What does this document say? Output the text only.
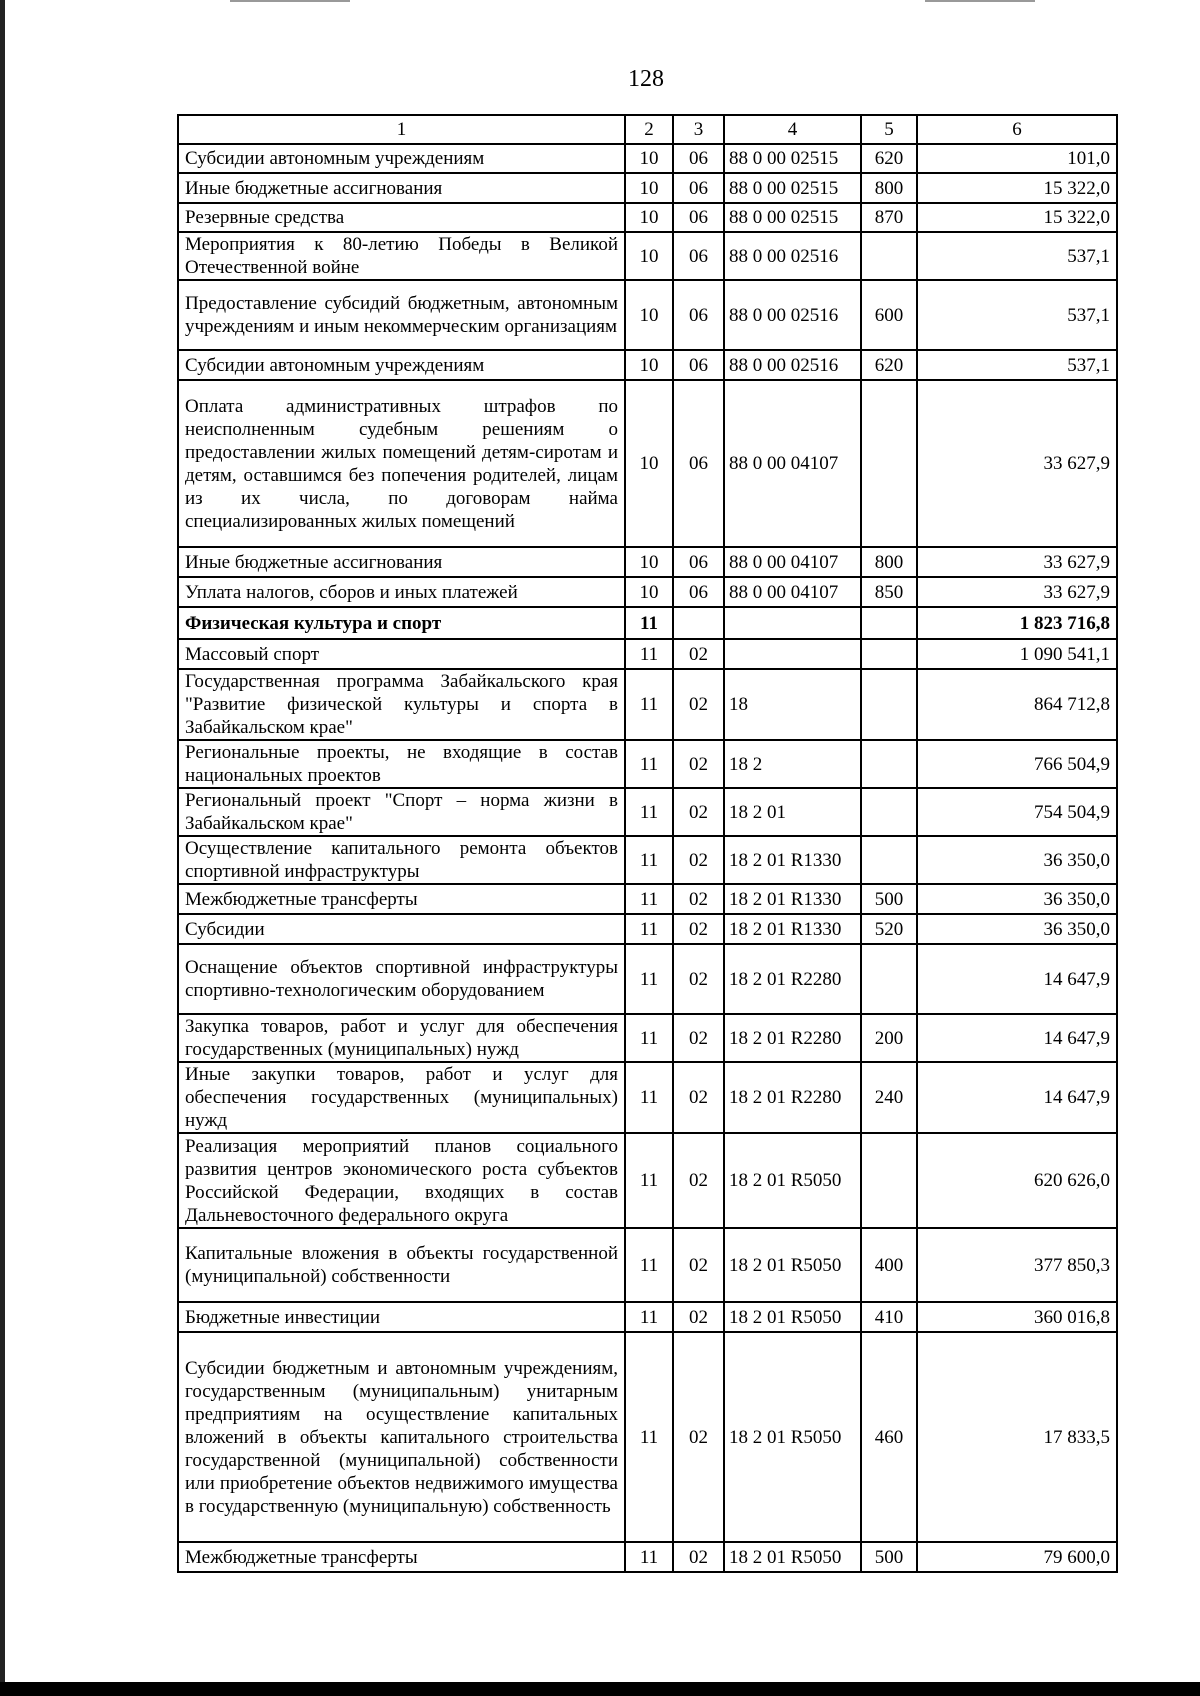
128
1	2	3	4	5	6
Субсидии автономным учреждениям	10	06	88 0 00 02515	620	101,0
Иные бюджетные ассигнования	10	06	88 0 00 02515	800	15 322,0
Резервные средства	10	06	88 0 00 02515	870	15 322,0
Мероприятия к 80-летию Победы в Великой Отечественной войне	10	06	88 0 00 02516		537,1
Предоставление субсидий бюджетным, автономным учреждениям и иным некоммерческим организациям	10	06	88 0 00 02516	600	537,1
Субсидии автономным учреждениям	10	06	88 0 00 02516	620	537,1
Оплата административных штрафов по неисполненным судебным решениям о предоставлении жилых помещений детям-сиротам и детям, оставшимся без попечения родителей, лицам из их числа, по договорам найма специализированных жилых помещений	10	06	88 0 00 04107		33 627,9
Иные бюджетные ассигнования	10	06	88 0 00 04107	800	33 627,9
Уплата налогов, сборов и иных платежей	10	06	88 0 00 04107	850	33 627,9
Физическая культура и спорт	11				1 823 716,8
Массовый спорт	11	02			1 090 541,1
Государственная программа Забайкальского края "Развитие физической культуры и спорта в Забайкальском крае"	11	02	18		864 712,8
Региональные проекты, не входящие в состав национальных проектов	11	02	18 2		766 504,9
Региональный проект "Спорт – норма жизни в Забайкальском крае"	11	02	18 2 01		754 504,9
Осуществление капитального ремонта объектов спортивной инфраструктуры	11	02	18 2 01 R1330		36 350,0
Межбюджетные трансферты	11	02	18 2 01 R1330	500	36 350,0
Субсидии	11	02	18 2 01 R1330	520	36 350,0
Оснащение объектов спортивной инфраструктуры спортивно-технологическим оборудованием	11	02	18 2 01 R2280		14 647,9
Закупка товаров, работ и услуг для обеспечения государственных (муниципальных) нужд	11	02	18 2 01 R2280	200	14 647,9
Иные закупки товаров, работ и услуг для обеспечения государственных (муниципальных) нужд	11	02	18 2 01 R2280	240	14 647,9
Реализация мероприятий планов социального развития центров экономического роста субъектов Российской Федерации, входящих в состав Дальневосточного федерального округа	11	02	18 2 01 R5050		620 626,0
Капитальные вложения в объекты государственной (муниципальной) собственности	11	02	18 2 01 R5050	400	377 850,3
Бюджетные инвестиции	11	02	18 2 01 R5050	410	360 016,8
Субсидии бюджетным и автономным учреждениям, государственным (муниципальным) унитарным предприятиям на осуществление капитальных вложений в объекты капитального строительства государственной (муниципальной) собственности или приобретение объектов недвижимого имущества в государственную (муниципальную) собственность	11	02	18 2 01 R5050	460	17 833,5
Межбюджетные трансферты	11	02	18 2 01 R5050	500	79 600,0
